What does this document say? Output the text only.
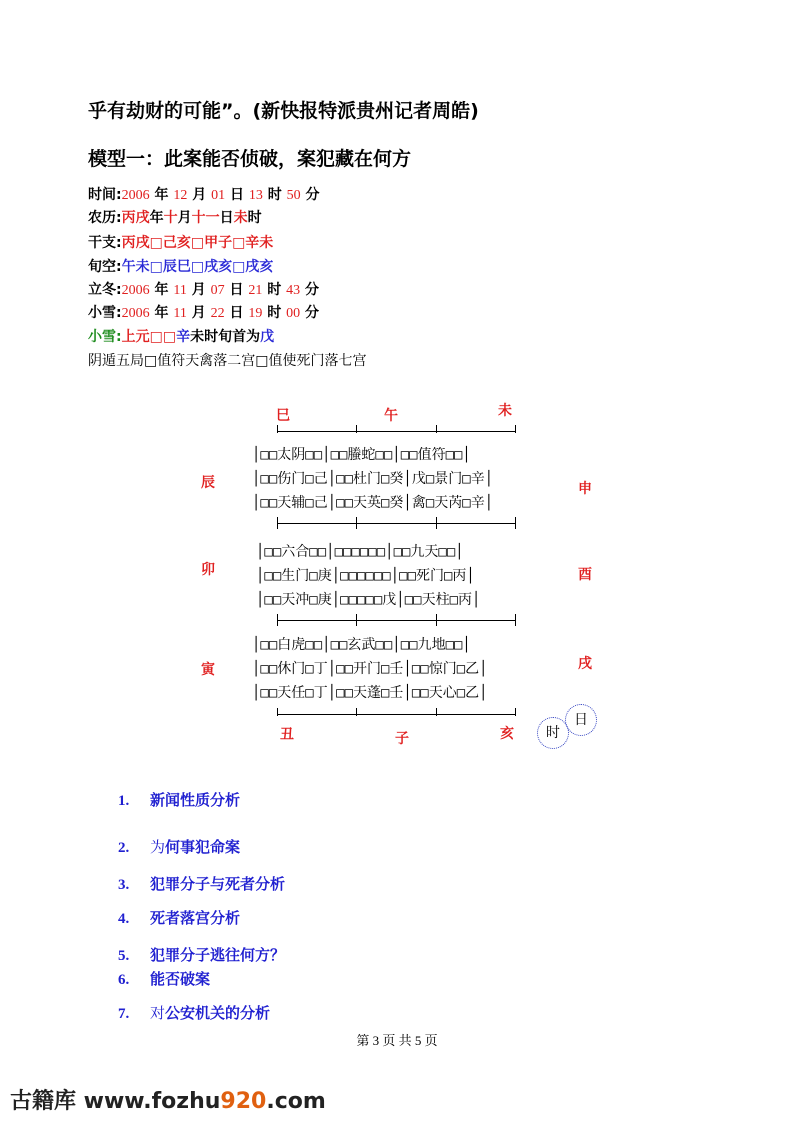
乎有劫财的可能”。(新快报特派贵州记者周皓)
模型一：此案能否侦破，案犯藏在何方
时间:2006 年 12 月 01 日 13 时 50 分
农历:丙戌年十月十一日未时
干支:丙戌□己亥□甲子□辛未
旬空:午未□辰巳□戌亥□戌亥
立冬:2006 年 11 月 07 日 21 时 43 分
小雪:2006 年 11 月 22 日 19 时 00 分
小雪:上元□□辛未时旬首为戊
阴遁五局□值符天禽落二宫□值使死门落七宫
巳	午	未
辰	申
卯	酉
寅	戌
丑	子	亥
│□□太阴□□│□□螣蛇□□│□□值符□□│
│□□伤门□己│□□杜门□癸│戊□景门□辛│
│□□天辅□己│□□天英□癸│禽□天芮□辛│
│□□六合□□│□□□□□□│□□九天□□│
│□□生门□庚│□□□□□□│□□死门□丙│
│□□天冲□庚│□□□□□戊│□□天柱□丙│
│□□白虎□□│□□玄武□□│□□九地□□│
│□□休门□丁│□□开门□壬│□□惊门□乙│
│□□天任□丁│□□天蓬□壬│□□天心□乙│
日
时
1. 新闻性质分析
2. 为何事犯命案
3. 犯罪分子与死者分析
4. 死者落宫分析
5. 犯罪分子逃往何方？
6. 能否破案
7. 对公安机关的分析
第 3 页 共 5 页
古籍库 www.fozhu920.com
